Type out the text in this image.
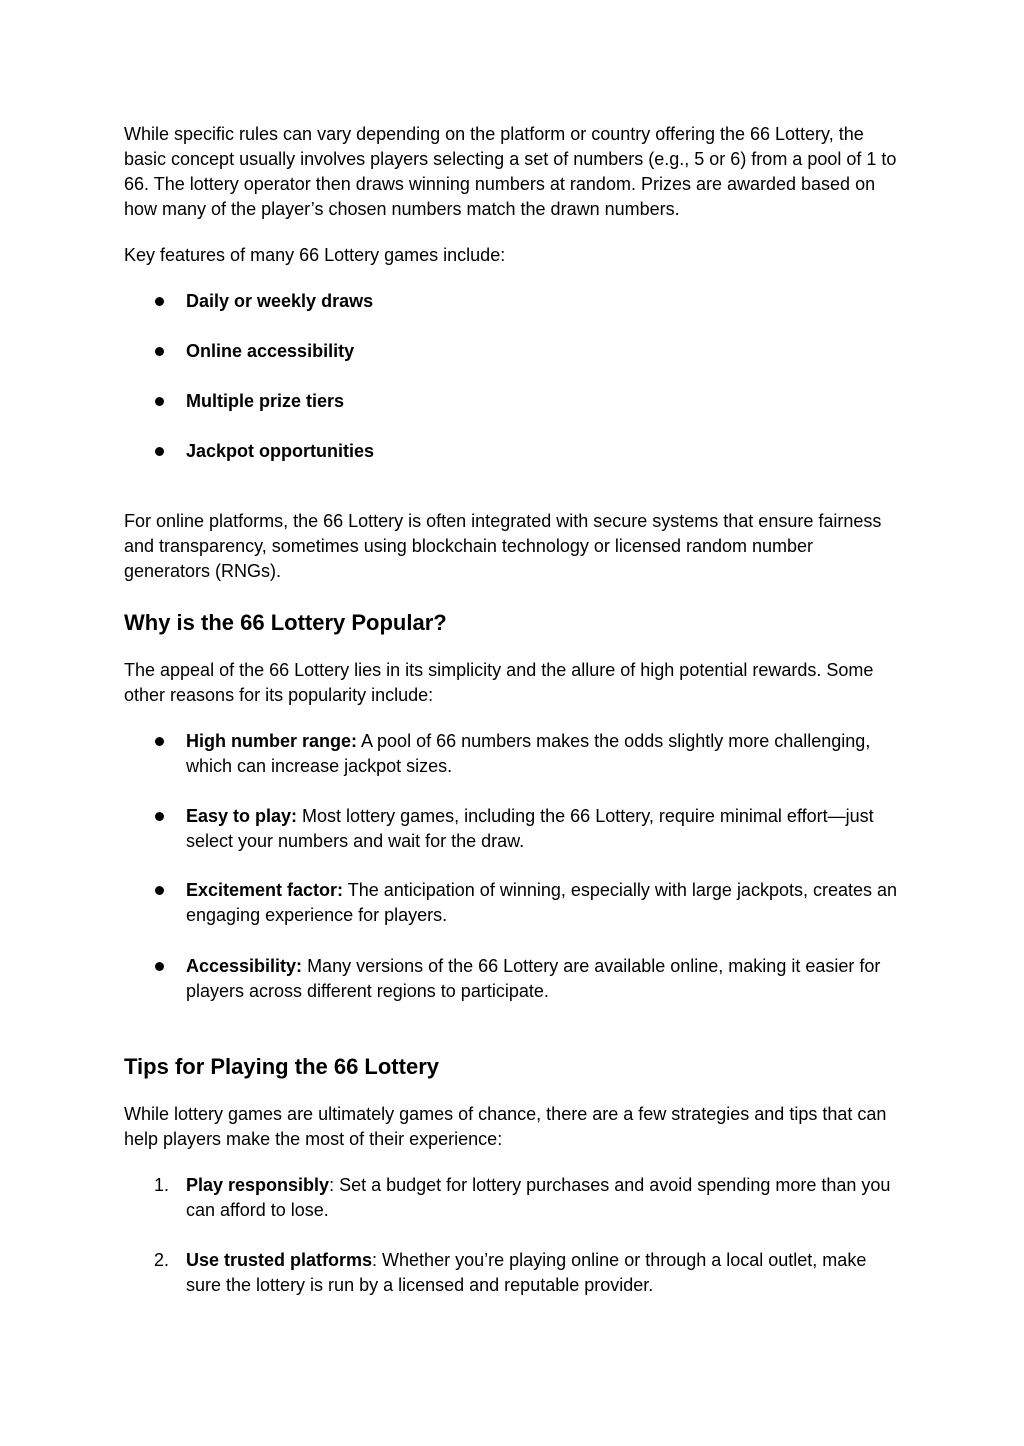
While specific rules can vary depending on the platform or country offering the 66 Lottery, the basic concept usually involves players selecting a set of numbers (e.g., 5 or 6) from a pool of 1 to 66. The lottery operator then draws winning numbers at random. Prizes are awarded based on how many of the player’s chosen numbers match the drawn numbers.

Key features of many 66 Lottery games include:

Daily or weekly draws
Online accessibility
Multiple prize tiers
Jackpot opportunities

For online platforms, the 66 Lottery is often integrated with secure systems that ensure fairness and transparency, sometimes using blockchain technology or licensed random number generators (RNGs).

Why is the 66 Lottery Popular?

The appeal of the 66 Lottery lies in its simplicity and the allure of high potential rewards. Some other reasons for its popularity include:

High number range: A pool of 66 numbers makes the odds slightly more challenging, which can increase jackpot sizes.
Easy to play: Most lottery games, including the 66 Lottery, require minimal effort—just select your numbers and wait for the draw.
Excitement factor: The anticipation of winning, especially with large jackpots, creates an engaging experience for players.
Accessibility: Many versions of the 66 Lottery are available online, making it easier for players across different regions to participate.
Tips for Playing the 66 Lottery

While lottery games are ultimately games of chance, there are a few strategies and tips that can help players make the most of their experience:

1. Play responsibly: Set a budget for lottery purchases and avoid spending more than you can afford to lose.
2. Use trusted platforms: Whether you’re playing online or through a local outlet, make sure the lottery is run by a licensed and reputable provider.
